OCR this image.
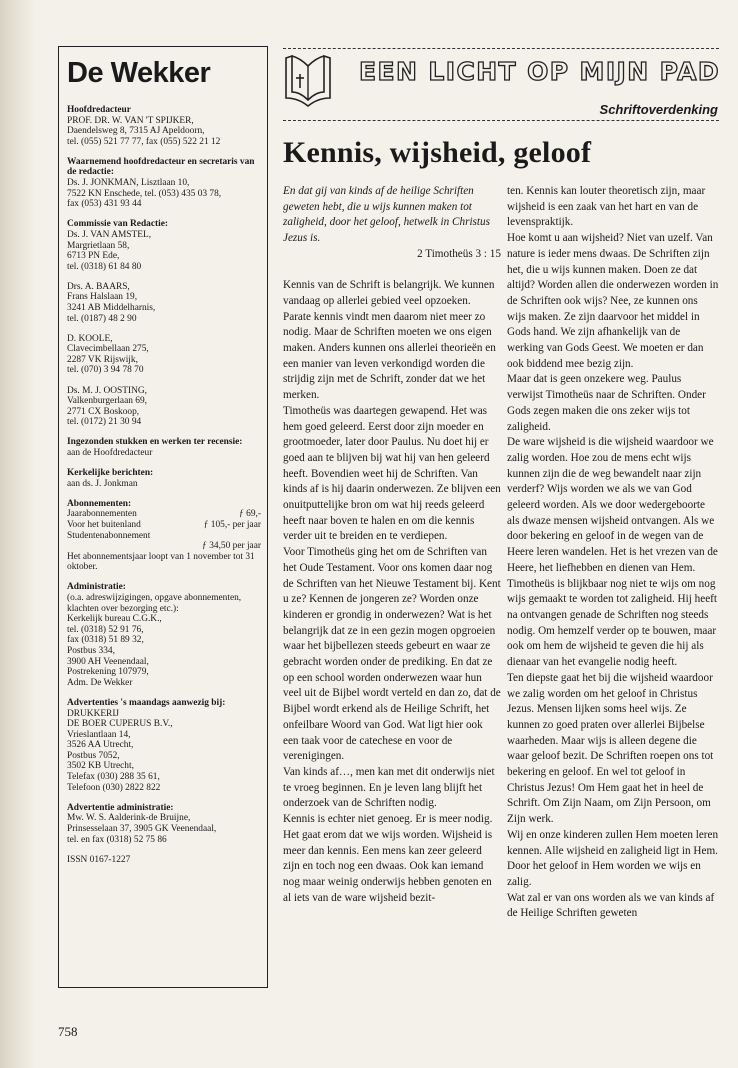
De Wekker
Hoofdredacteur
PROF. DR. W. VAN 'T SPIJKER,
Daendelsweg 8, 7315 AJ Apeldoorn,
tel. (055) 521 77 77, fax (055) 522 21 12
Waarnemend hoofdredacteur en secretaris van de redactie:
Ds. J. JONKMAN, Lisztlaan 10,
7522 KN Enschede, tel. (053) 435 03 78,
fax (053) 431 93 44
Commissie van Redactie:
Ds. J. VAN AMSTEL,
Margrietlaan 58,
6713 PN Ede,
tel. (0318) 61 84 80
Drs. A. BAARS,
Frans Halslaan 19,
3241 AB Middelharnis,
tel. (0187) 48 2 90
D. KOOLE,
Clavecimbellaan 275,
2287 VK Rijswijk,
tel. (070) 3 94 78 70
Ds. M. J. OOSTING,
Valkenburgerlaan 69,
2771 CX Boskoop,
tel. (0172) 21 30 94
Ingezonden stukken en werken ter recensie:
aan de Hoofdredacteur
Kerkelijke berichten:
aan ds. J. Jonkman
Abonnementen:
Jaarabonnementen	ƒ 69,-
Voor het buitenland	ƒ 105,- per jaar
Studentenabonnement
ƒ 34,50 per jaar
Het abonnementsjaar loopt van 1 november tot 31 oktober.
Administratie:
(o.a. adreswijzigingen, opgave abonnementen, klachten over bezorging etc.):
Kerkelijk bureau C.G.K.,
tel. (0318) 52 91 76,
fax (0318) 51 89 32,
Postbus 334,
3900 AH Veenendaal,
Postrekening 107979,
Adm. De Wekker
Advertenties 's maandags aanwezig bij:
DRUKKERIJ
DE BOER CUPERUS B.V.,
Vrieslantlaan 14,
3526 AA Utrecht,
Postbus 7052,
3502 KB Utrecht,
Telefax (030) 288 35 61,
Telefoon (030) 2822 822
Advertentie administratie:
Mw. W. S. Aalderink-de Bruijne,
Prinsesselaan 37, 3905 GK Veenendaal,
tel. en fax (0318) 52 75 86
ISSN 0167-1227
758
EEN LICHT OP MIJN PAD
Schriftoverdenking
Kennis, wijsheid, geloof

En dat gij van kinds af de heilige Schriften geweten hebt, die u wijs kunnen maken tot zaligheid, door het geloof, hetwelk in Christus Jezus is.

2 Timotheüs 3 : 15

Kennis van de Schrift is belangrijk. We kunnen vandaag op allerlei gebied veel opzoeken. Parate kennis vindt men daarom niet meer zo nodig. Maar de Schriften moeten we ons eigen maken. Anders kunnen ons allerlei theorieën en een manier van leven verkondigd worden die strijdig zijn met de Schrift, zonder dat we het merken.

Timotheüs was daartegen gewapend. Het was hem goed geleerd. Eerst door zijn moeder en grootmoeder, later door Paulus. Nu doet hij er goed aan te blijven bij wat hij van hen geleerd heeft. Bovendien weet hij de Schriften. Van kinds af is hij daarin onderwezen. Ze blijven een onuitputtelijke bron om wat hij reeds geleerd heeft naar boven te halen en om die kennis verder uit te breiden en te verdiepen.

Voor Timotheüs ging het om de Schriften van het Oude Testament. Voor ons komen daar nog de Schriften van het Nieuwe Testament bij. Kent u ze? Kennen de jongeren ze? Worden onze kinderen er grondig in onderwezen? Wat is het belangrijk dat ze in een gezin mogen opgroeien waar het bijbellezen steeds gebeurt en waar ze gebracht worden onder de prediking. En dat ze op een school worden onderwezen waar hun veel uit de Bijbel wordt verteld en dan zo, dat de Bijbel wordt erkend als de Heilige Schrift, het onfeilbare Woord van God. Wat ligt hier ook een taak voor de catechese en voor de verenigingen.

Van kinds af…, men kan met dit onderwijs niet te vroeg beginnen. En je leven lang blijft het onderzoek van de Schriften nodig.

Kennis is echter niet genoeg. Er is meer nodig. Het gaat erom dat we wijs worden. Wijsheid is meer dan kennis. Een mens kan zeer geleerd zijn en toch nog een dwaas. Ook kan iemand nog maar weinig onderwijs hebben genoten en al iets van de ware wijsheid bezit-

ten. Kennis kan louter theoretisch zijn, maar wijsheid is een zaak van het hart en van de levenspraktijk.

Hoe komt u aan wijsheid? Niet van uzelf. Van nature is ieder mens dwaas. De Schriften zijn het, die u wijs kunnen maken. Doen ze dat altijd? Worden allen die onderwezen worden in de Schriften ook wijs? Nee, ze kunnen ons wijs maken. Ze zijn daarvoor het middel in Gods hand. We zijn afhankelijk van de werking van Gods Geest. We moeten er dan ook biddend mee bezig zijn.

Maar dat is geen onzekere weg. Paulus verwijst Timotheüs naar de Schriften. Onder Gods zegen maken die ons zeker wijs tot zaligheid.

De ware wijsheid is die wijsheid waardoor we zalig worden. Hoe zou de mens echt wijs kunnen zijn die de weg bewandelt naar zijn verderf? Wijs worden we als we van God geleerd worden. Als we door wedergeboorte als dwaze mensen wijsheid ontvangen. Als we door bekering en geloof in de wegen van de Heere leren wandelen. Het is het vrezen van de Heere, het liefhebben en dienen van Hem.

Timotheüs is blijkbaar nog niet te wijs om nog wijs gemaakt te worden tot zaligheid. Hij heeft na ontvangen genade de Schriften nog steeds nodig. Om hemzelf verder op te bouwen, maar ook om hem de wijsheid te geven die hij als dienaar van het evangelie nodig heeft.

Ten diepste gaat het bij die wijsheid waardoor we zalig worden om het geloof in Christus Jezus. Mensen lijken soms heel wijs. Ze kunnen zo goed praten over allerlei Bijbelse waarheden. Maar wijs is alleen degene die waar geloof bezit. De Schriften roepen ons tot bekering en geloof. En wel tot geloof in Christus Jezus! Om Hem gaat het in heel de Schrift. Om Zijn Naam, om Zijn Persoon, om Zijn werk.

Wij en onze kinderen zullen Hem moeten leren kennen. Alle wijsheid en zaligheid ligt in Hem. Door het geloof in Hem worden we wijs en zalig.

Wat zal er van ons worden als we van kinds af de Heilige Schriften geweten
